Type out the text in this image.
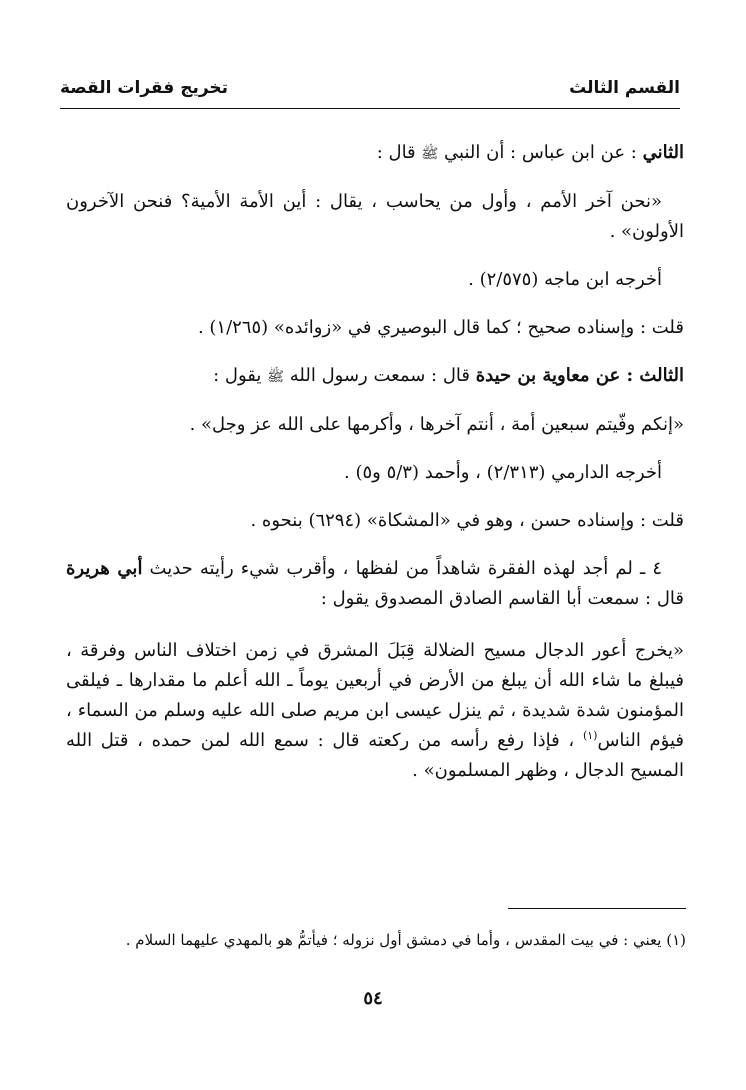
القسم الثالث
تخريج فقرات القصة

الثاني : عن ابن عباس : أن النبي ﷺ قال :

«نحن آخر الأمم ، وأول من يحاسب ، يقال : أين الأمة الأمية؟ فنحن الآخرون الأولون» .

أخرجه ابن ماجه (٢/٥٧٥) .

قلت : وإسناده صحيح ؛ كما قال البوصيري في «زوائده» (١/٢٦٥) .

الثالث : عن معاوية بن حيدة قال : سمعت رسول الله ﷺ يقول :

«إنكم وفّيتم سبعين أمة ، أنتم آخرها ، وأكرمها على الله عز وجل» .

أخرجه الدارمي (٢/٣١٣) ، وأحمد (٥/٣ و٥) .

قلت : وإسناده حسن ، وهو في «المشكاة» (٦٢٩٤) بنحوه .

٤ ـ لم أجد لهذه الفقرة شاهداً من لفظها ، وأقرب شيء رأيته حديث أبي هريرة قال : سمعت أبا القاسم الصادق المصدوق يقول :

«يخرج أعور الدجال مسيح الضلالة قِبَلَ المشرق في زمن اختلاف الناس وفرقة ، فيبلغ ما شاء الله أن يبلغ من الأرض في أربعين يوماً ـ الله أعلم ما مقدارها ـ فيلقى المؤمنون شدة شديدة ، ثم ينزل عيسى ابن مريم صلى الله عليه وسلم من السماء ، فيؤم الناس$^{(١)}$ ، فإذا رفع رأسه من ركعته قال : سمع الله لمن حمده ، قتل الله المسيح الدجال ، وظهر المسلمون» .

(١) يعني : في بيت المقدس ، وأما في دمشق أول نزوله ؛ فيأتمُّ هو بالمهدي عليهما السلام .
٥٤
